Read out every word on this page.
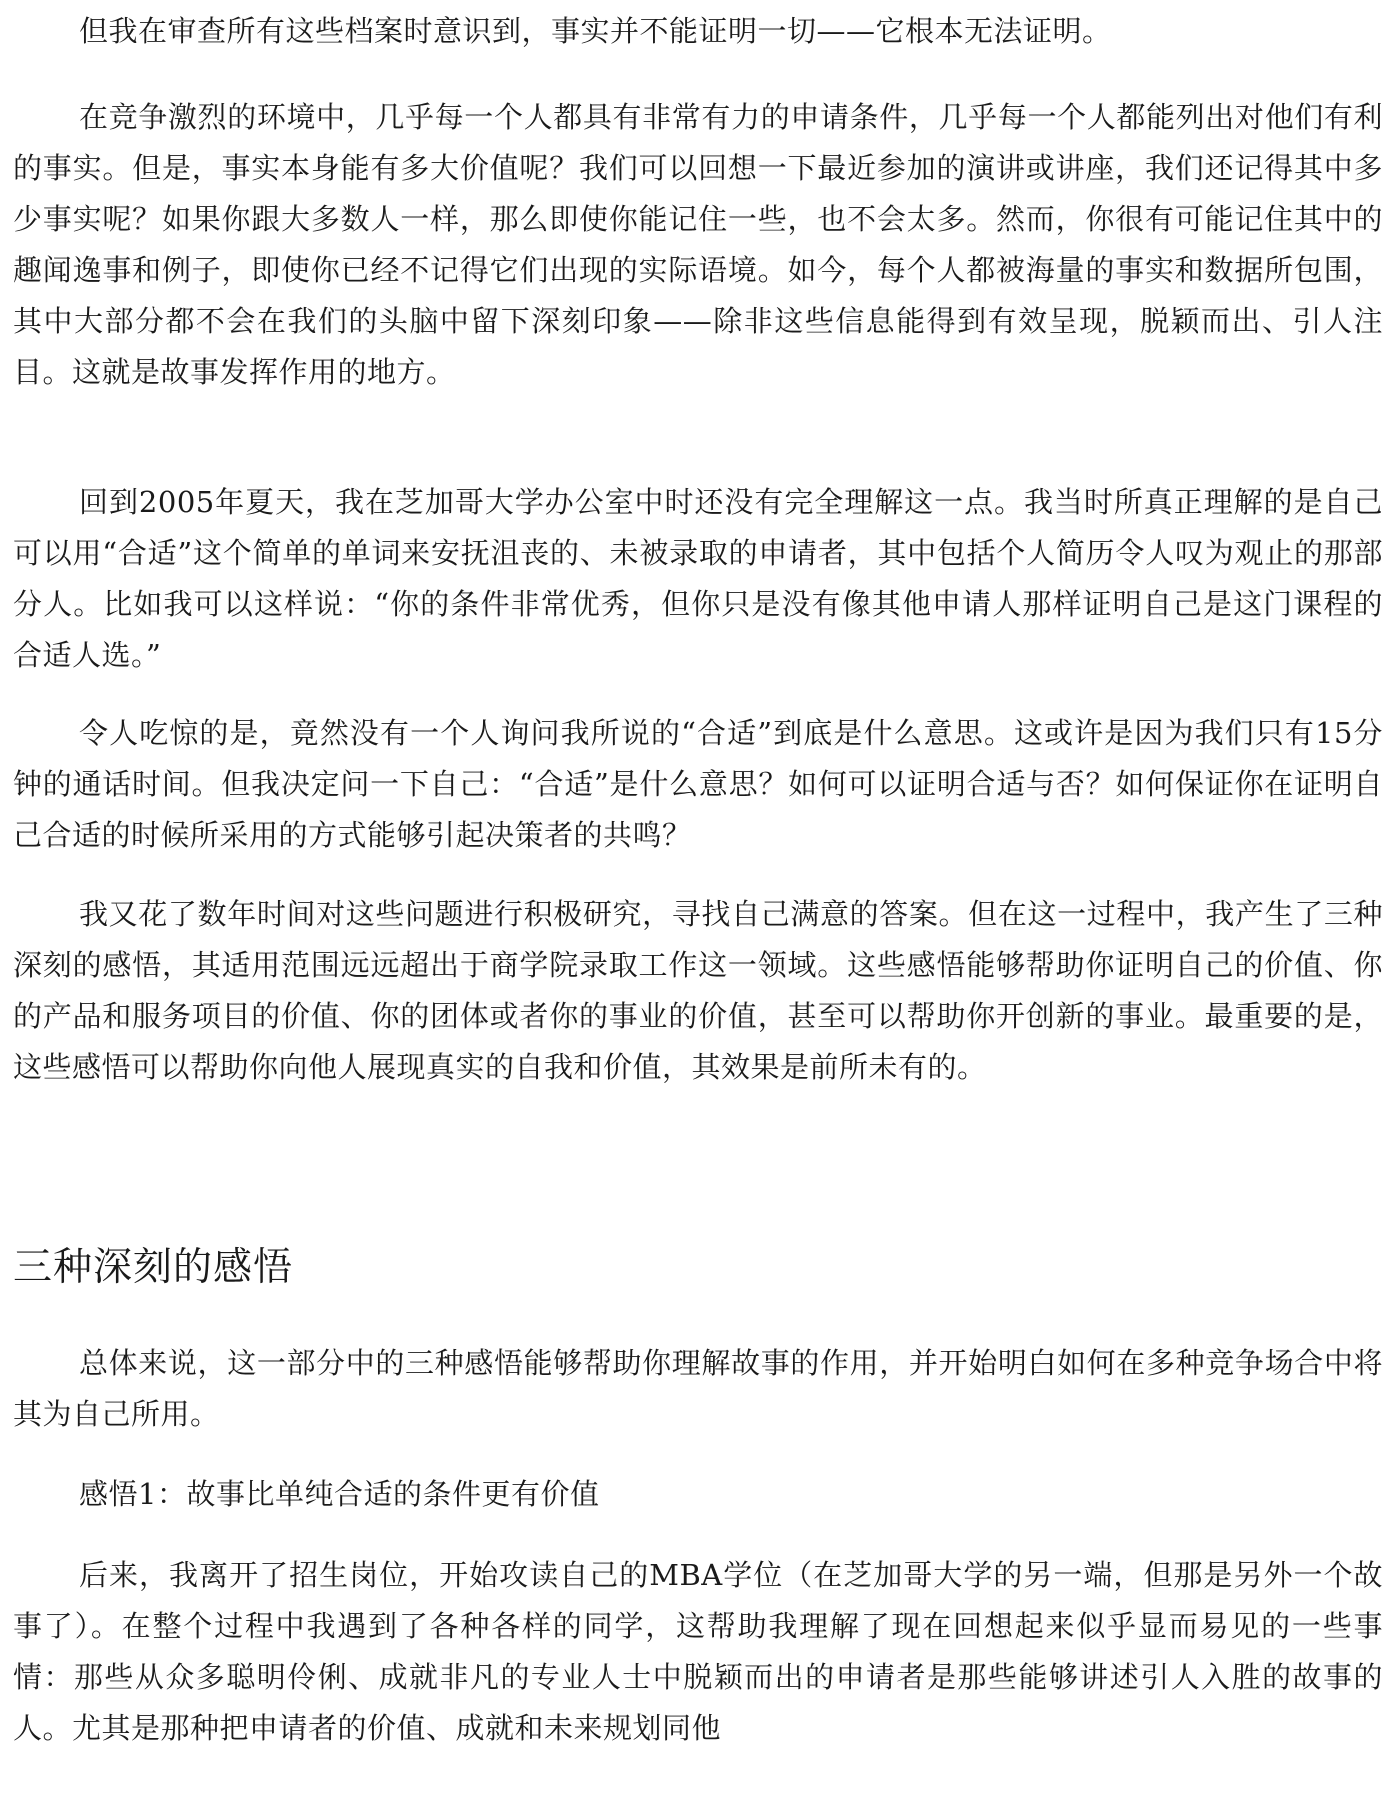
但我在审查所有这些档案时意识到，事实并不能证明一切——它根本无法证明。

在竞争激烈的环境中，几乎每一个人都具有非常有力的申请条件，几乎每一个人都能列出对他们有利的事实。但是，事实本身能有多大价值呢？我们可以回想一下最近参加的演讲或讲座，我们还记得其中多少事实呢？如果你跟大多数人一样，那么即使你能记住一些，也不会太多。然而，你很有可能记住其中的趣闻逸事和例子，即使你已经不记得它们出现的实际语境。如今，每个人都被海量的事实和数据所包围，其中大部分都不会在我们的头脑中留下深刻印象——除非这些信息能得到有效呈现，脱颖而出、引人注目。这就是故事发挥作用的地方。

回到2005年夏天，我在芝加哥大学办公室中时还没有完全理解这一点。我当时所真正理解的是自己可以用“合适”这个简单的单词来安抚沮丧的、未被录取的申请者，其中包括个人简历令人叹为观止的那部分人。比如我可以这样说：“你的条件非常优秀，但你只是没有像其他申请人那样证明自己是这门课程的合适人选。”

令人吃惊的是，竟然没有一个人询问我所说的“合适”到底是什么意思。这或许是因为我们只有15分钟的通话时间。但我决定问一下自己：“合适”是什么意思？如何可以证明合适与否？如何保证你在证明自己合适的时候所采用的方式能够引起决策者的共鸣？

我又花了数年时间对这些问题进行积极研究，寻找自己满意的答案。但在这一过程中，我产生了三种深刻的感悟，其适用范围远远超出于商学院录取工作这一领域。这些感悟能够帮助你证明自己的价值、你的产品和服务项目的价值、你的团体或者你的事业的价值，甚至可以帮助你开创新的事业。最重要的是，这些感悟可以帮助你向他人展现真实的自我和价值，其效果是前所未有的。

三种深刻的感悟

总体来说，这一部分中的三种感悟能够帮助你理解故事的作用，并开始明白如何在多种竞争场合中将其为自己所用。

感悟1：故事比单纯合适的条件更有价值

后来，我离开了招生岗位，开始攻读自己的MBA学位（在芝加哥大学的另一端，但那是另外一个故事了）。在整个过程中我遇到了各种各样的同学，这帮助我理解了现在回想起来似乎显而易见的一些事情：那些从众多聪明伶俐、成就非凡的专业人士中脱颖而出的申请者是那些能够讲述引人入胜的故事的人。尤其是那种把申请者的价值、成就和未来规划同他
